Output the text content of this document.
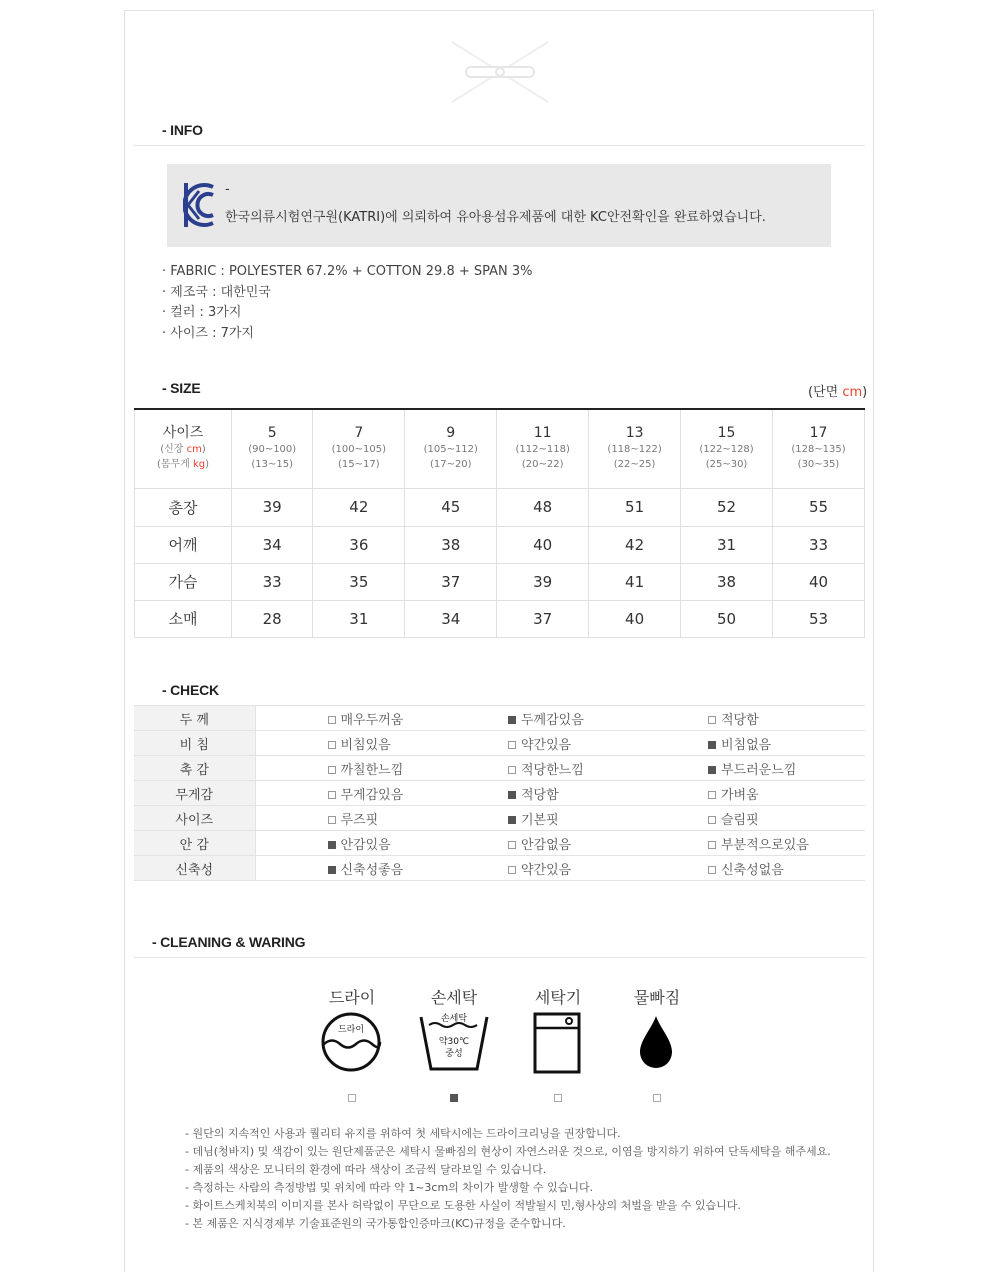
- INFO
-
한국의류시험연구원(KATRI)에 의뢰하여 유아용섬유제품에 대한 KC안전확인을 완료하였습니다.
· FABRIC : POLYESTER 67.2% + COTTON 29.8 + SPAN 3%
· 제조국 : 대한민국
· 컬러 : 3가지
· 사이즈 : 7가지
- SIZE	(단면 cm)
사이즈
(신장 cm)
(몸무게 kg)	5
(90~100)
(13~15)	7
(100~105)
(15~17)	9
(105~112)
(17~20)	11
(112~118)
(20~22)	13
(118~122)
(22~25)	15
(122~128)
(25~30)	17
(128~135)
(30~35)

총장	39	42	45	48	51	52	55
어깨	34	36	38	40	42	31	33
가슴	33	35	37	39	41	38	40
소매	28	31	34	37	40	50	53
- CHECK
두 께	매우두꺼움	두께감있음	적당함
비 침	비침있음	약간있음	비침없음
촉 감	까칠한느낌	적당한느낌	부드러운느낌
무게감	무게감있음	적당함	가벼움
사이즈	루즈핏	기본핏	슬림핏
안 감	안감있음	안감없음	부분적으로있음
신축성	신축성좋음	약간있음	신축성없음
- CLEANING & WARING
드라이	손세탁	세탁기	물빠짐
드라이
손세탁
약30℃
중성
- 원단의 지속적인 사용과 퀄리티 유지를 위하여 첫 세탁시에는 드라이크리닝을 권장합니다.
- 데님(청바지) 및 색감이 있는 원단제품군은 세탁시 물빠짐의 현상이 자연스러운 것으로, 이염을 방지하기 위하여 단독세탁을 해주세요.
- 제품의 색상은 모니터의 환경에 따라 색상이 조금씩 달라보일 수 있습니다.
- 측정하는 사람의 측정방법 및 위치에 따라 약 1~3cm의 차이가 발생할 수 있습니다.
- 화이트스케치북의 이미지를 본사 허락없이 무단으로 도용한 사실이 적발될시 민,형사상의 처벌을 받을 수 있습니다.
- 본 제품은 지식경제부 기술표준원의 국가통합인증마크(KC)규정을 준수합니다.
